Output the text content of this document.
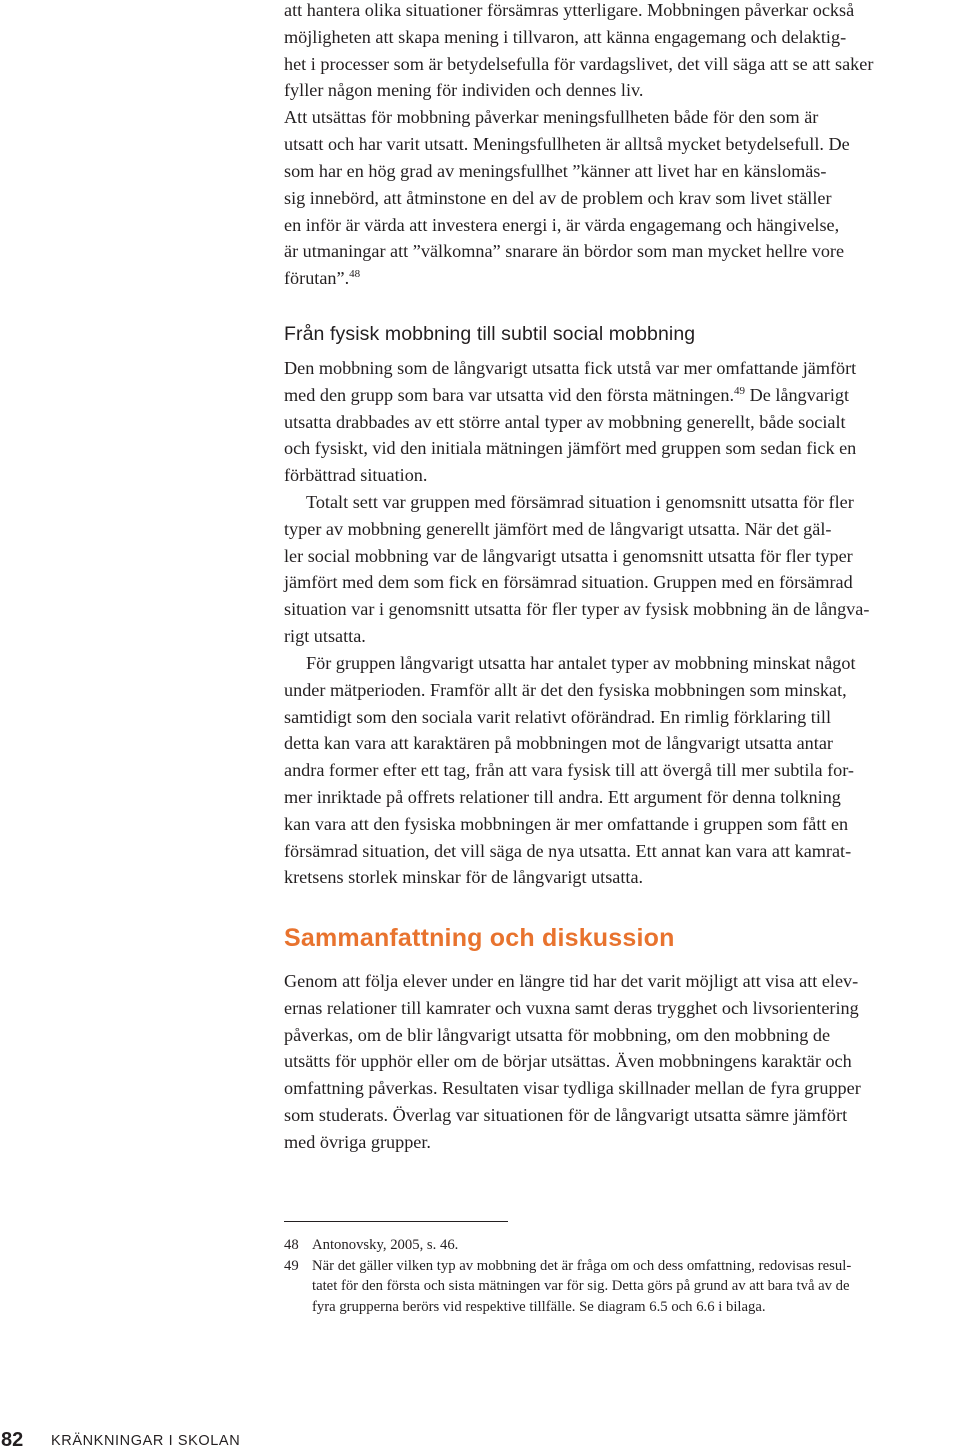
att hantera olika situationer försämras ytterligare. Mobbningen påverkar också
möjligheten att skapa mening i tillvaron, att känna engagemang och delaktig-
het i processer som är betydelsefulla för vardagslivet, det vill säga att se att saker
fyller någon mening för individen och dennes liv.

Att utsättas för mobbning påverkar meningsfullheten både för den som är
utsatt och har varit utsatt. Meningsfullheten är alltså mycket betydelsefull. De

som har en hög grad av meningsfullhet ”känner att livet har en känslomäs-
sig innebörd, att åtminstone en del av de problem och krav som livet ställer
en inför är värda att investera energi i, är värda engagemang och hängivelse,
är utmaningar att ”välkomna” snarare än bördor som man mycket hellre vore
förutan”.$^{48}$

Från fysisk mobbning till subtil social mobbning

Den mobbning som de långvarigt utsatta fick utstå var mer omfattande jämfört
med den grupp som bara var utsatta vid den första mätningen.$^{49}$ De långvarigt
utsatta drabbades av ett större antal typer av mobbning generellt, både socialt
och fysiskt, vid den initiala mätningen jämfört med gruppen som sedan fick en
förbättrad situation.

Totalt sett var gruppen med försämrad situation i genomsnitt utsatta för fler
typer av mobbning generellt jämfört med de långvarigt utsatta. När det gäl-
ler social mobbning var de långvarigt utsatta i genomsnitt utsatta för fler typer
jämfört med dem som fick en försämrad situation. Gruppen med en försämrad
situation var i genomsnitt utsatta för fler typer av fysisk mobbning än de långva-
rigt utsatta.

För gruppen långvarigt utsatta har antalet typer av mobbning minskat något
under mätperioden. Framför allt är det den fysiska mobbningen som minskat,
samtidigt som den sociala varit relativt oförändrad. En rimlig förklaring till
detta kan vara att karaktären på mobbningen mot de långvarigt utsatta antar
andra former efter ett tag, från att vara fysisk till att övergå till mer subtila for-
mer inriktade på offrets relationer till andra. Ett argument för denna tolkning
kan vara att den fysiska mobbningen är mer omfattande i gruppen som fått en
försämrad situation, det vill säga de nya utsatta. Ett annat kan vara att kamrat-
kretsens storlek minskar för de långvarigt utsatta.

Sammanfattning och diskussion

Genom att följa elever under en längre tid har det varit möjligt att visa att elev-
ernas relationer till kamrater och vuxna samt deras trygghet och livsorientering
påverkas, om de blir långvarigt utsatta för mobbning, om den mobbning de
utsätts för upphör eller om de börjar utsättas. Även mobbningens karaktär och
omfattning påverkas. Resultaten visar tydliga skillnader mellan de fyra grupper
som studerats. Överlag var situationen för de långvarigt utsatta sämre jämfört
med övriga grupper.

48 Antonovsky, 2005, s. 46.
49 När det gäller vilken typ av mobbning det är fråga om och dess omfattning, redovisas resul-
tatet för den första och sista mätningen var för sig. Detta görs på grund av att bara två av de
fyra grupperna berörs vid respektive tillfälle. Se diagram 6.5 och 6.6 i bilaga.
82 KRÄNKNINGAR I SKOLAN
